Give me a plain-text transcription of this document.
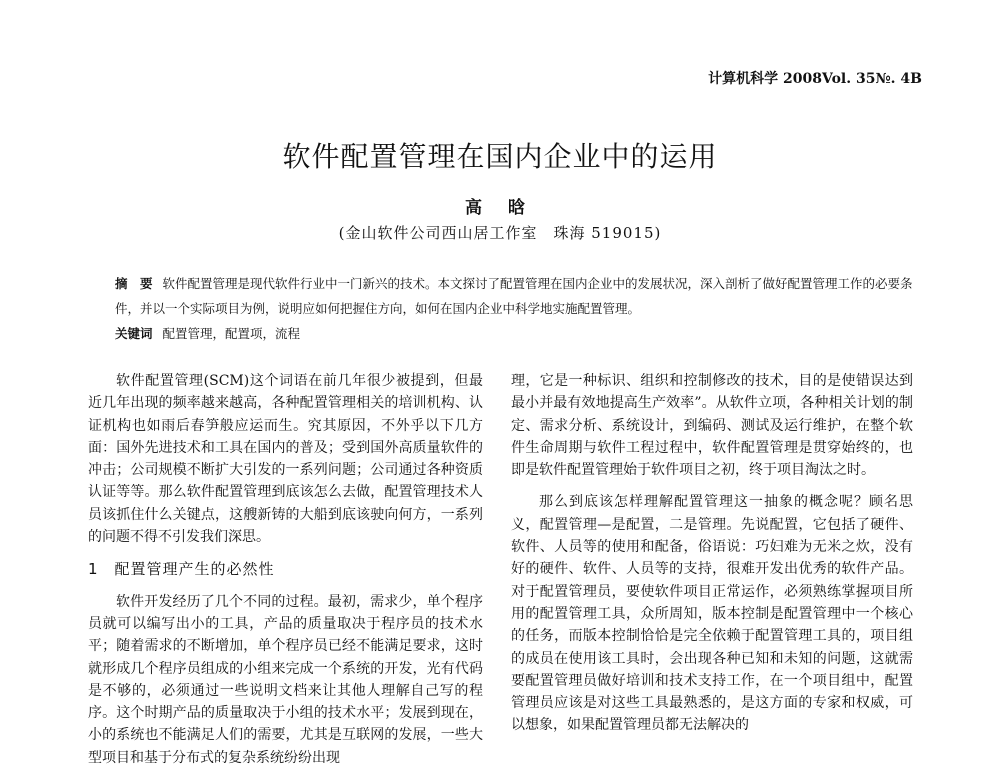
计算机科学 2008Vol. 35№. 4B
软件配置管理在国内企业中的运用
高 晗
(金山软件公司西山居工作室　珠海 519015)

摘　要 软件配置管理是现代软件行业中一门新兴的技术。本文探讨了配置管理在国内企业中的发展状况，深入剖析了做好配置管理工作的必要条件，并以一个实际项目为例，说明应如何把握住方向，如何在国内企业中科学地实施配置管理。

关键词 配置管理，配置项，流程

软件配置管理(SCM)这个词语在前几年很少被提到，但最近几年出现的频率越来越高，各种配置管理相关的培训机构、认证机构也如雨后春笋般应运而生。究其原因，不外乎以下几方面：国外先进技术和工具在国内的普及；受到国外高质量软件的冲击；公司规模不断扩大引发的一系列问题；公司通过各种资质认证等等。那么软件配置管理到底该怎么去做，配置管理技术人员该抓住什么关键点，这艘新铸的大船到底该驶向何方，一系列的问题不得不引发我们深思。

1 配置管理产生的必然性

软件开发经历了几个不同的过程。最初，需求少，单个程序员就可以编写出小的工具，产品的质量取决于程序员的技术水平；随着需求的不断增加，单个程序员已经不能满足要求，这时就形成几个程序员组成的小组来完成一个系统的开发，光有代码是不够的，必须通过一些说明文档来让其他人理解自己写的程序。这个时期产品的质量取决于小组的技术水平；发展到现在，小的系统也不能满足人们的需要，尤其是互联网的发展，一些大型项目和基于分布式的复杂系统纷纷出现

理，它是一种标识、组织和控制修改的技术，目的是使错误达到最小并最有效地提高生产效率”。从软件立项，各种相关计划的制定、需求分析、系统设计，到编码、测试及运行维护，在整个软件生命周期与软件工程过程中，软件配置管理是贯穿始终的，也即是软件配置管理始于软件项目之初，终于项目淘汰之时。

那么到底该怎样理解配置管理这一抽象的概念呢？顾名思义，配置管理—是配置，二是管理。先说配置，它包括了硬件、软件、人员等的使用和配备，俗语说：巧妇难为无米之炊，没有好的硬件、软件、人员等的支持，很难开发出优秀的软件产品。对于配置管理员，要使软件项目正常运作，必须熟练掌握项目所用的配置管理工具，众所周知，版本控制是配置管理中一个核心的任务，而版本控制恰恰是完全依赖于配置管理工具的，项目组的成员在使用该工具时，会出现各种已知和未知的问题，这就需要配置管理员做好培训和技术支持工作，在一个项目组中，配置管理员应该是对这些工具最熟悉的，是这方面的专家和权威，可以想象，如果配置管理员都无法解决的
